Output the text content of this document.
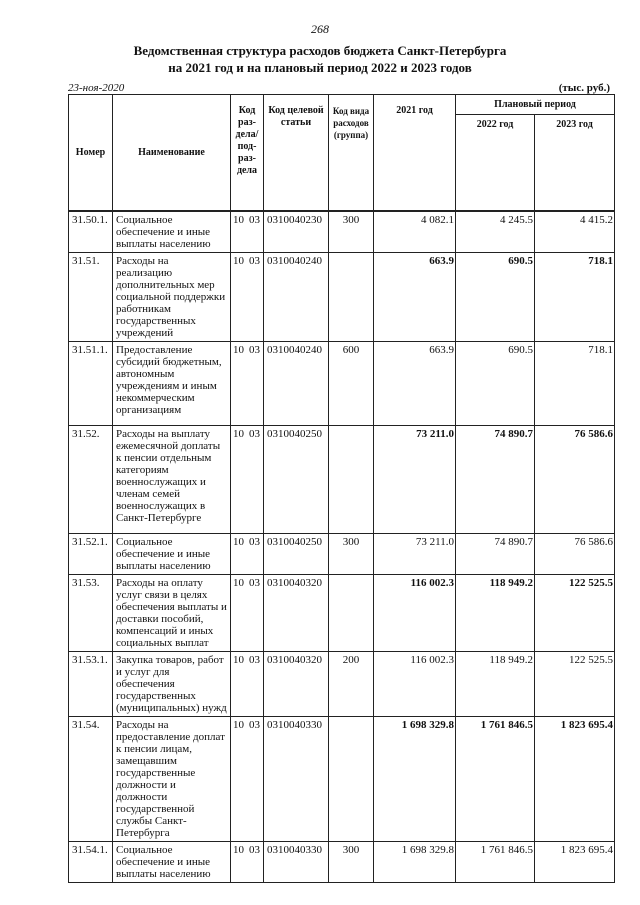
268
Ведомственная структура расходов бюджета Санкт-Петербурга
на 2021 год и на плановый период 2022 и 2023 годов
23-ноя-2020	(тыс. руб.)
Номер	Наименование	Код раз- дела/ под- раз- дела	Код целевой статьи	Код вида расходов (группа)	2021 год	Плановый период	
						2022 год	2023 год

31.50.1.	Социальное обеспечение и иные выплаты населению	10 03	0310040230	300	4 082.1	4 245.5	4 415.2
31.51.	Расходы на реализацию дополнительных мер социальной поддержки работникам государственных учреждений	10 03	0310040240		663.9	690.5	718.1
31.51.1.	Предоставление субсидий бюджетным, автономным учреждениям и иным некоммерческим организациям	10 03	0310040240	600	663.9	690.5	718.1
31.52.	Расходы на выплату ежемесячной доплаты к пенсии отдельным категориям военнослужащих и членам семей военнослужащих в Санкт-Петербурге	10 03	0310040250		73 211.0	74 890.7	76 586.6
31.52.1.	Социальное обеспечение и иные выплаты населению	10 03	0310040250	300	73 211.0	74 890.7	76 586.6
31.53.	Расходы на оплату услуг связи в целях обеспечения выплаты и доставки пособий, компенсаций и иных социальных выплат	10 03	0310040320		116 002.3	118 949.2	122 525.5
31.53.1.	Закупка товаров, работ и услуг для обеспечения государственных (муниципальных) нужд	10 03	0310040320	200	116 002.3	118 949.2	122 525.5
31.54.	Расходы на предоставление доплат к пенсии лицам, замещавшим государственные должности и должности государственной службы Санкт-Петербурга	10 03	0310040330		1 698 329.8	1 761 846.5	1 823 695.4
31.54.1.	Социальное обеспечение и иные выплаты населению	10 03	0310040330	300	1 698 329.8	1 761 846.5	1 823 695.4
